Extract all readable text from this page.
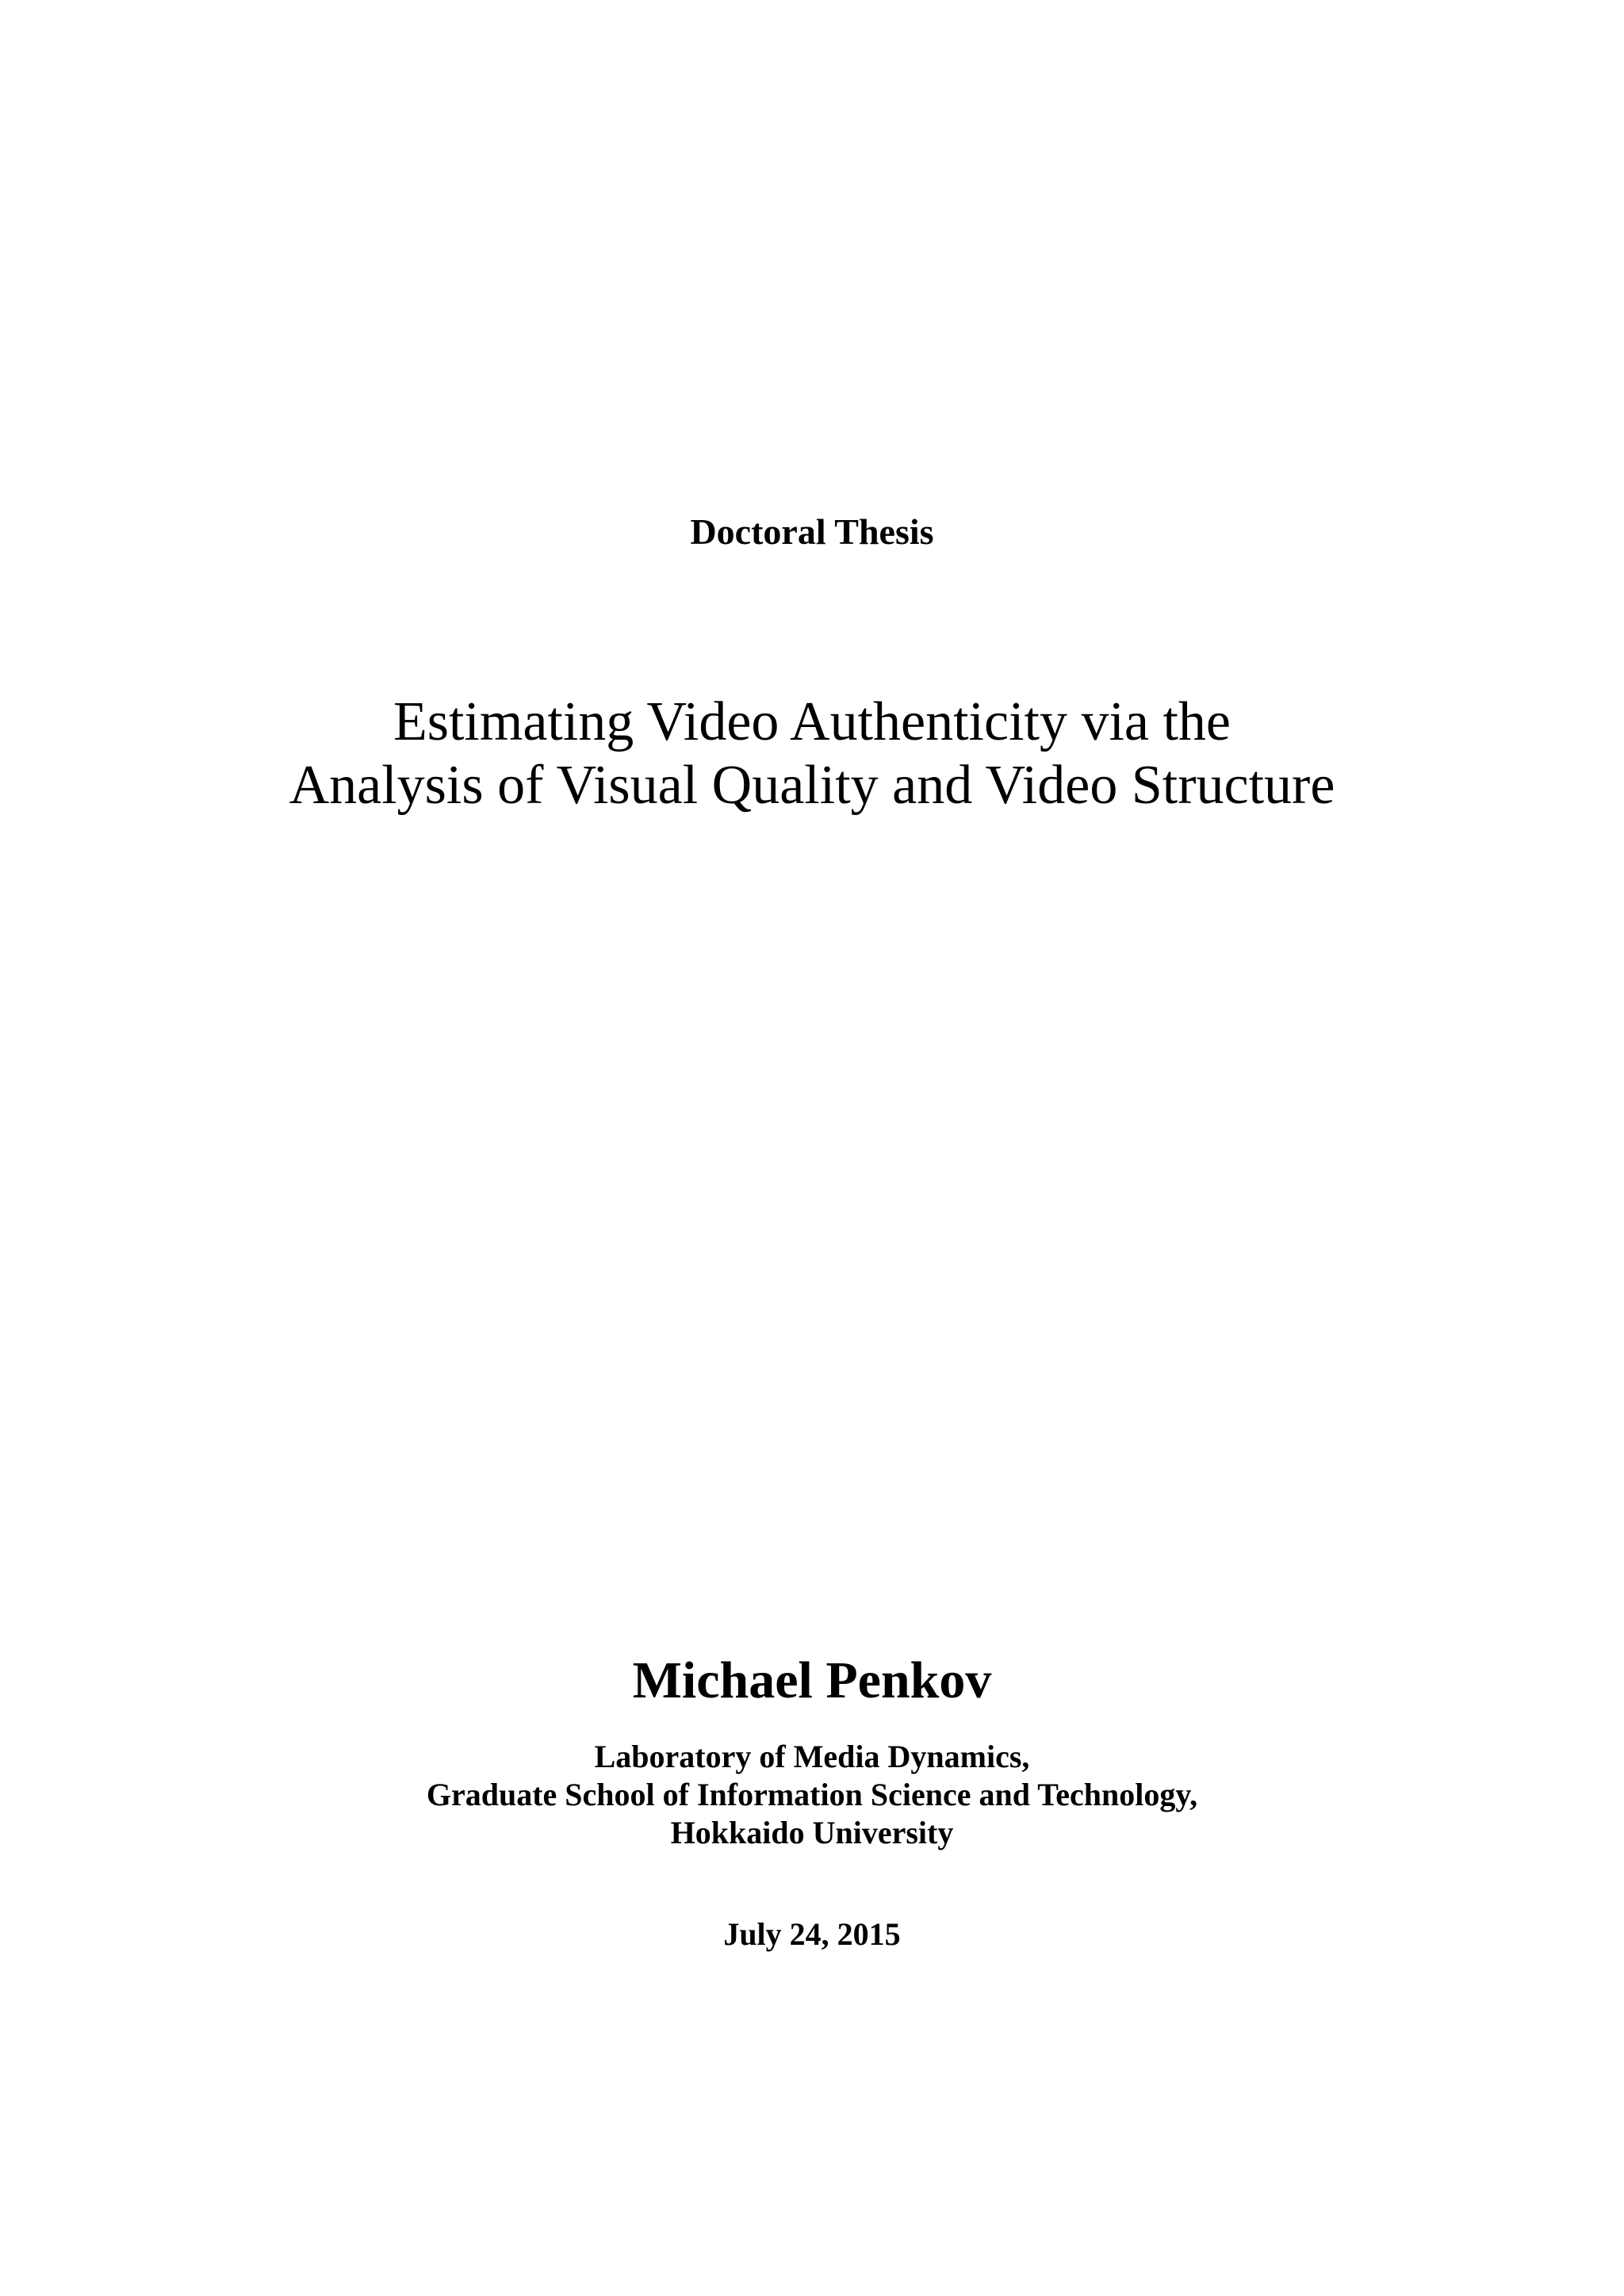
Doctoral Thesis
Estimating Video Authenticity via the
Analysis of Visual Quality and Video Structure
Michael Penkov
Laboratory of Media Dynamics,
Graduate School of Information Science and Technology,
Hokkaido University
July 24, 2015
